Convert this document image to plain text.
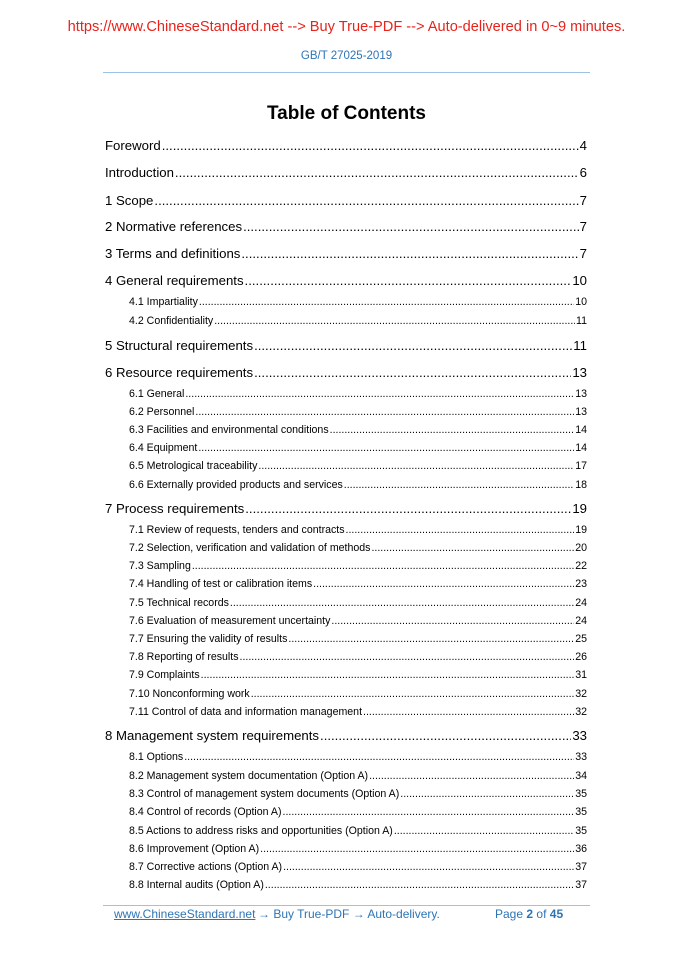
https://www.ChineseStandard.net --> Buy True-PDF --> Auto-delivered in 0~9 minutes.
GB/T 27025-2019
Table of Contents
Foreword .....	4
Introduction .....	6
1 Scope .....	7
2 Normative references .....	7
3 Terms and definitions .....	7
4 General requirements .....	10
4.1 Impartiality .....	10
4.2 Confidentiality .....	11
5 Structural requirements .....	11
6 Resource requirements .....	13
6.1 General .....	13
6.2 Personnel .....	13
6.3 Facilities and environmental conditions .....	14
6.4 Equipment .....	14
6.5 Metrological traceability .....	17
6.6 Externally provided products and services .....	18
7 Process requirements .....	19
7.1 Review of requests, tenders and contracts .....	19
7.2 Selection, verification and validation of methods .....	20
7.3 Sampling .....	22
7.4 Handling of test or calibration items .....	23
7.5 Technical records .....	24
7.6 Evaluation of measurement uncertainty .....	24
7.7 Ensuring the validity of results .....	25
7.8 Reporting of results .....	26
7.9 Complaints .....	31
7.10 Nonconforming work .....	32
7.11 Control of data and information management .....	32
8 Management system requirements .....	33
8.1 Options .....	33
8.2 Management system documentation (Option A) .....	34
8.3 Control of management system documents (Option A) .....	35
8.4 Control of records (Option A) .....	35
8.5 Actions to address risks and opportunities (Option A) .....	35
8.6 Improvement (Option A) .....	36
8.7 Corrective actions (Option A) .....	37
8.8 Internal audits (Option A) .....	37
www.ChineseStandard.net → Buy True-PDF → Auto-delivery.	Page 2 of 45
